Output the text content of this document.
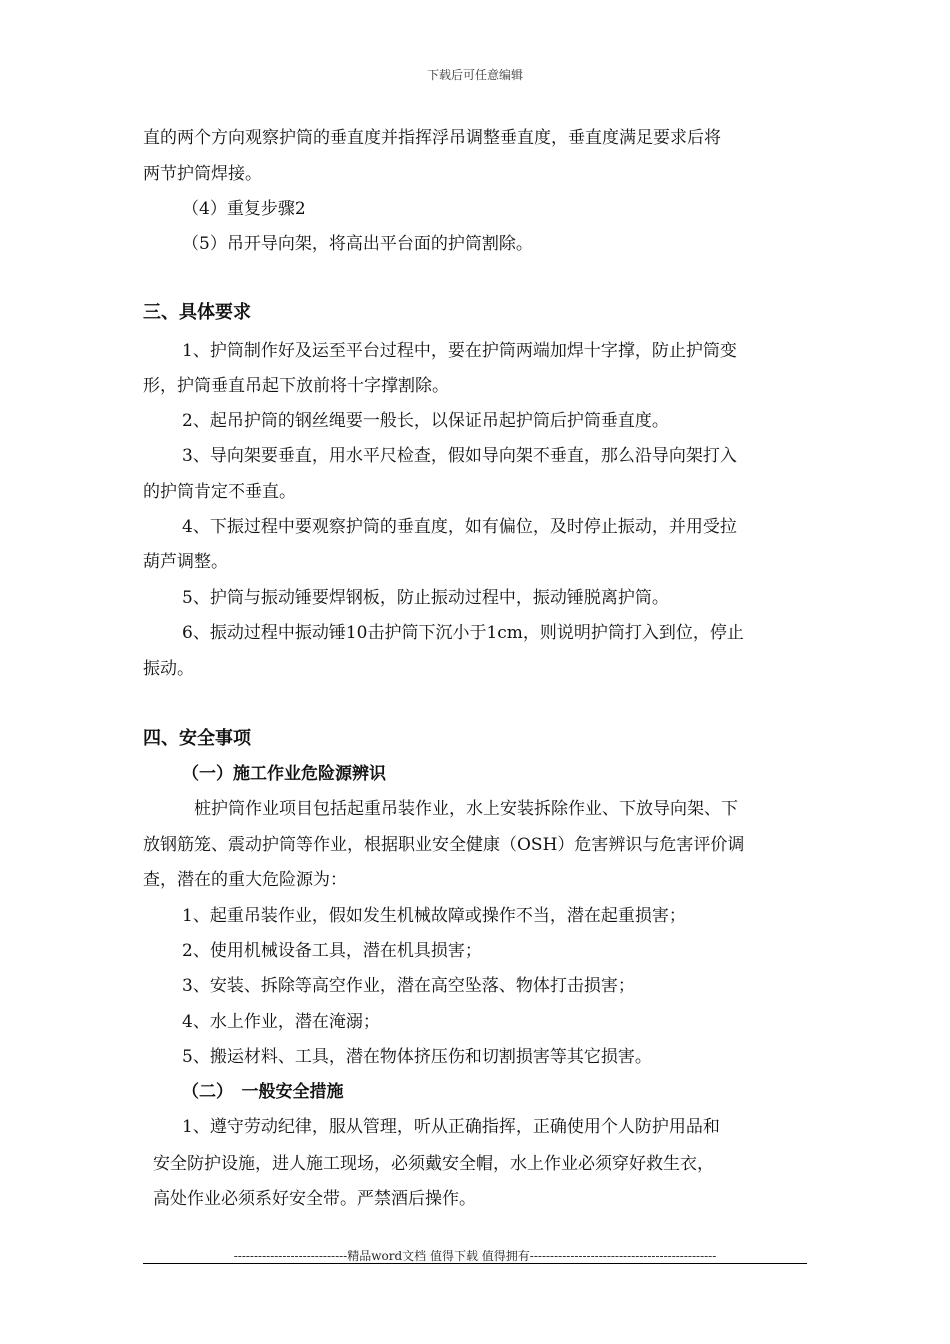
下载后可任意编辑
直的两个方向观察护筒的垂直度并指挥浮吊调整垂直度，垂直度满足要求后将
两节护筒焊接。
（4）重复步骤2
（5）吊开导向架，将高出平台面的护筒割除。
三、具体要求
1、护筒制作好及运至平台过程中，要在护筒两端加焊十字撑，防止护筒变
形，护筒垂直吊起下放前将十字撑割除。
2、起吊护筒的钢丝绳要一般长，以保证吊起护筒后护筒垂直度。
3、导向架要垂直，用水平尺检查，假如导向架不垂直，那么沿导向架打入
的护筒肯定不垂直。
4、下振过程中要观察护筒的垂直度，如有偏位，及时停止振动，并用受拉
葫芦调整。
5、护筒与振动锤要焊钢板，防止振动过程中，振动锤脱离护筒。
6、振动过程中振动锤10击护筒下沉小于1cm，则说明护筒打入到位，停止
振动。
四、安全事项
（一）施工作业危险源辨识
桩护筒作业项目包括起重吊装作业，水上安装拆除作业、下放导向架、下
放钢筋笼、震动护筒等作业，根据职业安全健康（OSH）危害辨识与危害评价调
查，潜在的重大危险源为：
1、起重吊装作业，假如发生机械故障或操作不当，潜在起重损害；
2、使用机械设备工具，潜在机具损害；
3、安装、拆除等高空作业，潜在高空坠落、物体打击损害；
4、水上作业，潜在淹溺；
5、搬运材料、工具，潜在物体挤压伤和切割损害等其它损害。
（二）　一般安全措施
1、遵守劳动纪律，服从管理，听从正确指挥，正确使用个人防护用品和
安全防护设施，进人施工现场，必须戴安全帽，水上作业必须穿好救生衣，
高处作业必须系好安全带。严禁酒后操作。
----------------------------精品word文档 值得下载 值得拥有----------------------------------------------
